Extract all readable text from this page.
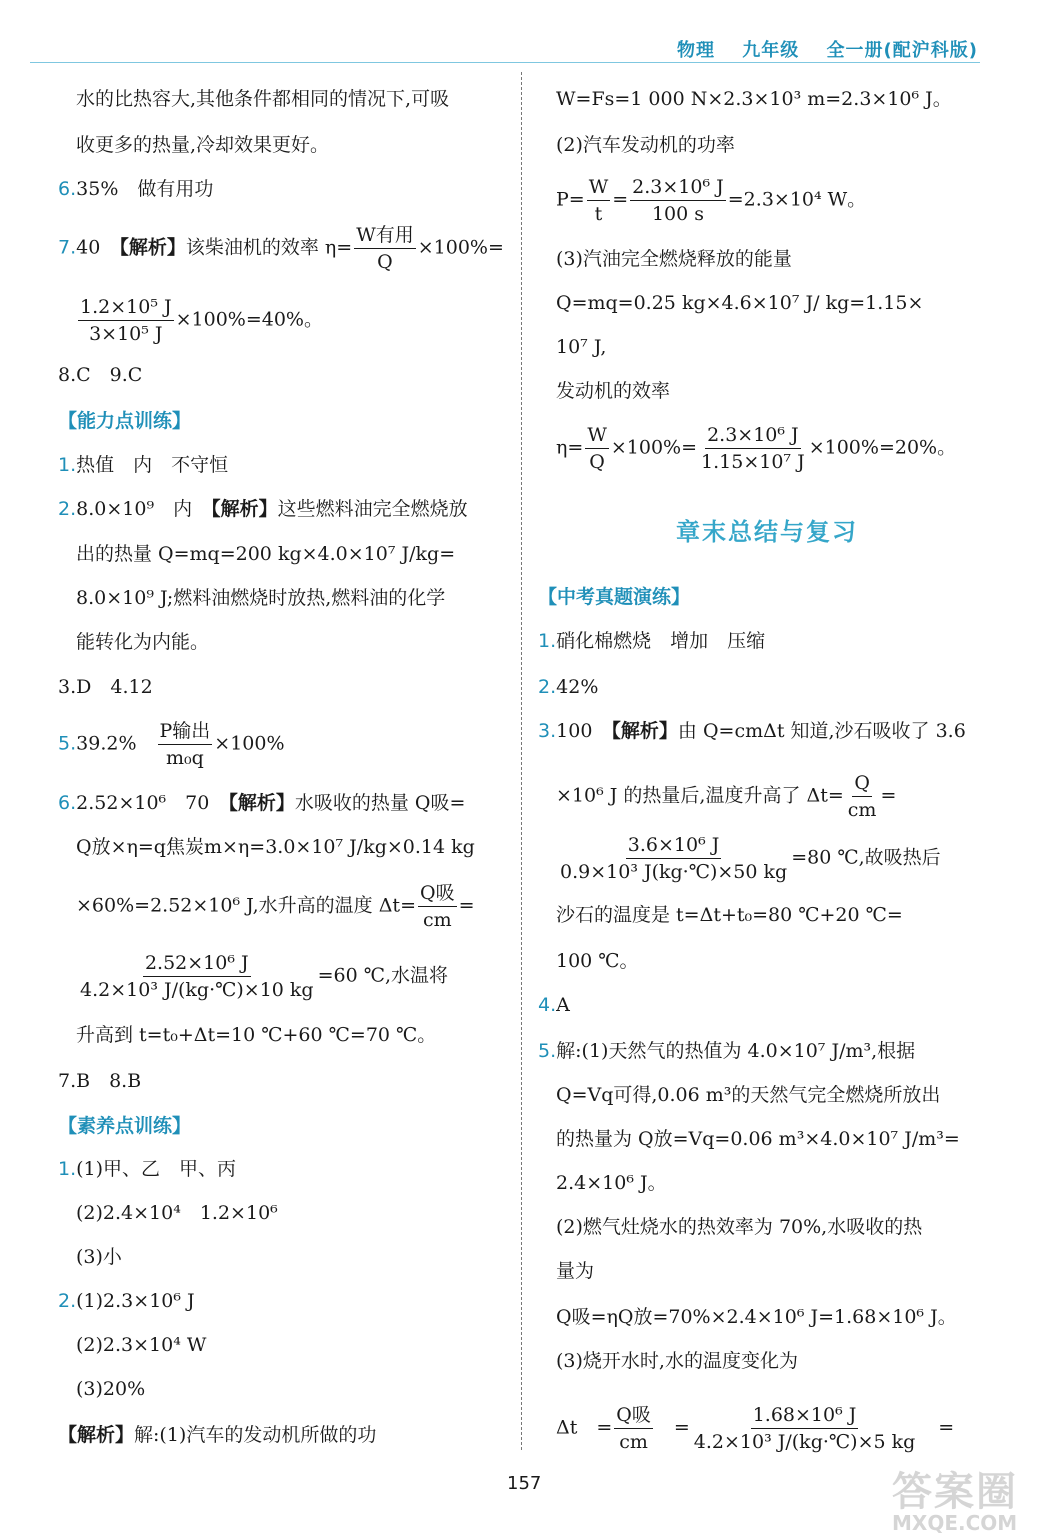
物理 九年级 全一册(配沪科版)
水的比热容大,其他条件都相同的情况下,可吸
收更多的热量,冷却效果更好。
6.35%　做有用功
7.40　【解析】该柴油机的效率 $\eta= \frac{\text{W有用}}{Q} \times 100\%=$
$\frac{\text{1.2×10⁵ J}}{\text{3×10⁵ J}} \times 100\%=40\%$。
8.C　9.C
【能力点训练】
1.热值　内　不守恒
2.8.0×10⁹　内　【解析】这些燃料油完全燃烧放
出的热量 Q=mq=200 kg×4.0×10⁷ J/kg=
8.0×10⁹ J;燃料油燃烧时放热,燃料油的化学
能转化为内能。
3.D　4.12
5.39.2%　 $\frac{\text{P输出}}{\text{m₀q}} \times 100\%$
6.2.52×10⁶　70　【解析】水吸收的热量 Q吸=
Q放×η=q焦炭m×η=3.0×10⁷ J/kg×0.14 kg
×60%=2.52×10⁶ J,水升高的温度 $\Delta t= \frac{\text{Q吸}}{cm}$ =
$\frac{\text{2.52×10⁶ J}}{\text{4.2×10³ J/(kg·℃)×10 kg}} =60$ ℃,水温将
升高到 t=t₀+Δt=10 ℃+60 ℃=70 ℃。
7.B　8.B
【素养点训练】
1.(1)甲、乙　甲、丙
(2)2.4×10⁴　1.2×10⁶
(3)小
2.(1)2.3×10⁶ J
(2)2.3×10⁴ W
(3)20%
【解析】解:(1)汽车的发动机所做的功
W=Fs=1 000 N×2.3×10³ m=2.3×10⁶ J。
(2)汽车发动机的功率
$P= \frac{W}{t} = \frac{\text{2.3×10⁶ J}}{100 s} =2.3\times 10^4$ W。
(3)汽油完全燃烧释放的能量
Q=mq=0.25 kg×4.6×10⁷ J/ kg=1.15×
10⁷ J,
发动机的效率
$\eta= \frac{W}{Q} \times 100\%= \frac{\text{2.3×10⁶ J}}{\text{1.15×10⁷ J}} \times 100\%=20\%$。
【中考真题演练】
1.硝化棉燃烧　增加　压缩
2.42%
3.100　【解析】由 Q=cmΔt 知道,沙石吸收了 3.6
×10⁶ J 的热量后,温度升高了 $\Delta t= \frac{Q}{cm}$ =
$\frac{\text{3.6×10⁶ J}}{\text{0.9×10³ J(kg·℃)×50 kg}} =80$ ℃,故吸热后
沙石的温度是 t=Δt+t₀=80 ℃+20 ℃=
100 ℃。
4.A
5.解:(1)天然气的热值为 4.0×10⁷ J/m³,根据
Q=Vq可得,0.06 m³的天然气完全燃烧所放出
的热量为 Q放=Vq=0.06 m³×4.0×10⁷ J/m³=
2.4×10⁶ J。
(2)燃气灶烧水的热效率为 70%,水吸收的热
量为
Q吸=ηQ放=70%×2.4×10⁶ J=1.68×10⁶ J。
(3)烧开水时,水的温度变化为
Δt　= $\frac{\text{Q吸}}{cm}$ 　= $\frac{\text{1.68×10⁶ J}}{\text{4.2×10³ J/(kg·℃)×5 kg}}$ 　=
章末总结与复习
157	答案圈
MXQE.COM
